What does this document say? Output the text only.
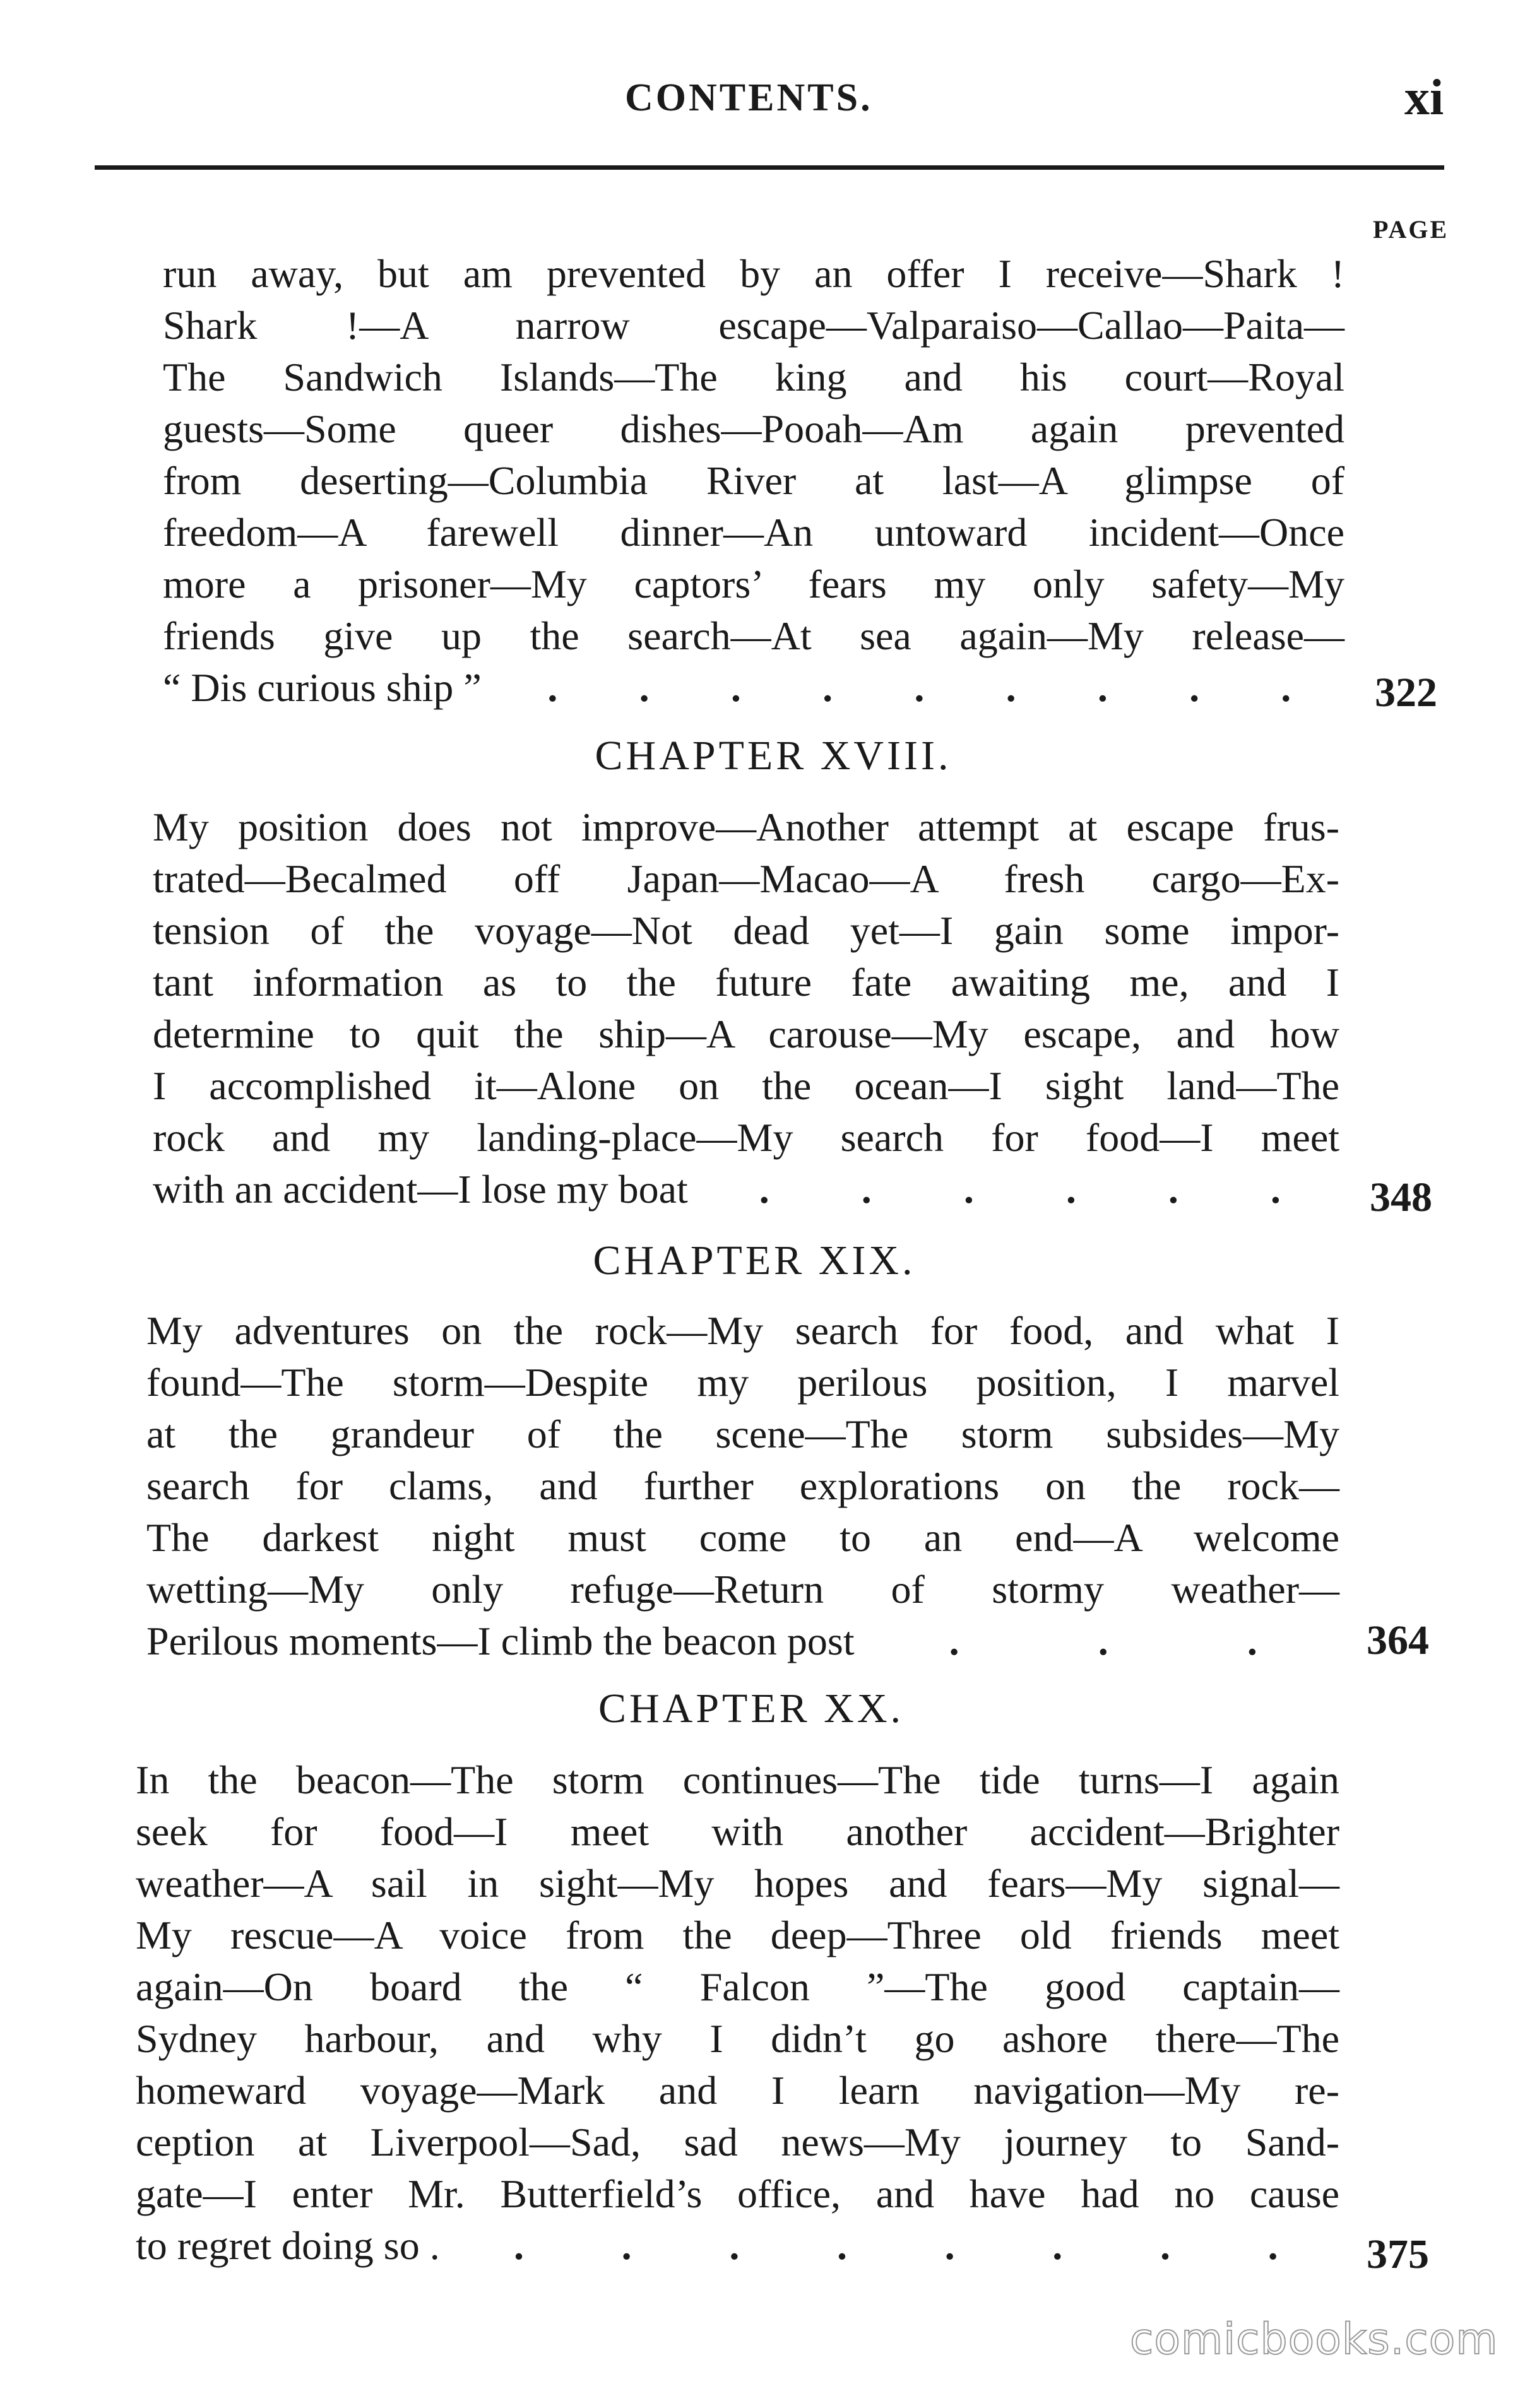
CONTENTS.	xi
PAGE
run away, but am prevented by an offer I receive—Shark !
Shark !—A narrow escape—Valparaiso—Callao—Paita—
The Sandwich Islands—The king and his court—Royal
guests—Some queer dishes—Pooah—Am again prevented
from deserting—Columbia River at last—A glimpse of
freedom—A farewell dinner—An untoward incident—Once
more a prisoner—My captors’ fears my only safety—My
friends give up the search—At sea again—My release—
“ Dis curious ship ” . . . . . . . . . 322
CHAPTER XVIII.
My position does not improve—Another attempt at escape frus-
trated—Becalmed off Japan—Macao—A fresh cargo—Ex-
tension of the voyage—Not dead yet—I gain some impor-
tant information as to the future fate awaiting me, and I
determine to quit the ship—A carouse—My escape, and how
I accomplished it—Alone on the ocean—I sight land—The
rock and my landing-place—My search for food—I meet
with an accident—I lose my boat . . . . . . 348
CHAPTER XIX.
My adventures on the rock—My search for food, and what I
found—The storm—Despite my perilous position, I marvel
at the grandeur of the scene—The storm subsides—My
search for clams, and further explorations on the rock—
The darkest night must come to an end—A welcome
wetting—My only refuge—Return of stormy weather—
Perilous moments—I climb the beacon post .	.	.	364
CHAPTER XX.
In the beacon—The storm continues—The tide turns—I again
seek for food—I meet with another accident—Brighter
weather—A sail in sight—My hopes and fears—My signal—
My rescue—A voice from the deep—Three old friends meet
again—On board the “ Falcon ”—The good captain—
Sydney harbour, and why I didn’t go ashore there—The
homeward voyage—Mark and I learn navigation—My re-
ception at Liverpool—Sad, sad news—My journey to Sand-
gate—I enter Mr. Butterfield’s office, and have had no cause
to regret doing so . . . . . . . . . 375
comicbooks.com
